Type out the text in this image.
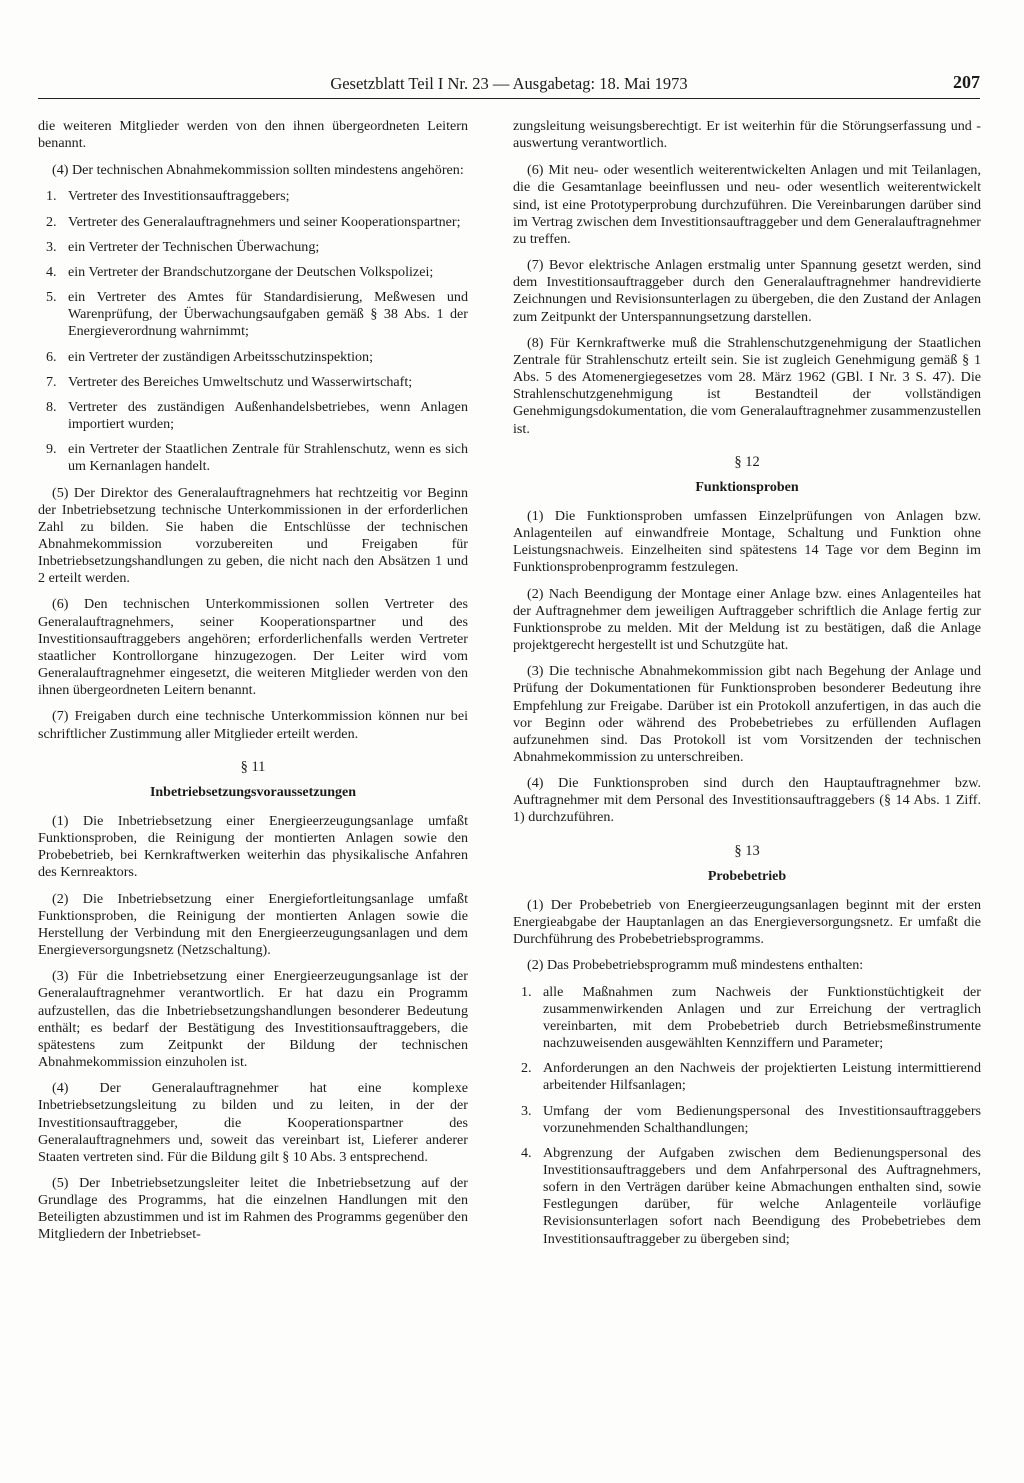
Gesetzblatt Teil I Nr. 23 — Ausgabetag: 18. Mai 1973	207

die weiteren Mitglieder werden von den ihnen übergeordneten Leitern benannt.

(4) Der technischen Abnahmekommission sollten mindestens angehören:

1. Vertreter des Investitionsauftraggebers;
2. Vertreter des Generalauftragnehmers und seiner Kooperationspartner;
3. ein Vertreter der Technischen Überwachung;
4. ein Vertreter der Brandschutzorgane der Deutschen Volkspolizei;
5. ein Vertreter des Amtes für Standardisierung, Meßwesen und Warenprüfung, der Überwachungsaufgaben gemäß § 38 Abs. 1 der Energieverordnung wahrnimmt;
6. ein Vertreter der zuständigen Arbeitsschutzinspektion;
7. Vertreter des Bereiches Umweltschutz und Wasserwirtschaft;
8. Vertreter des zuständigen Außenhandelsbetriebes, wenn Anlagen importiert wurden;
9. ein Vertreter der Staatlichen Zentrale für Strahlenschutz, wenn es sich um Kernanlagen handelt.

(5) Der Direktor des Generalauftragnehmers hat rechtzeitig vor Beginn der Inbetriebsetzung technische Unterkommissionen in der erforderlichen Zahl zu bilden. Sie haben die Entschlüsse der technischen Abnahmekommission vorzubereiten und Freigaben für Inbetriebsetzungshandlungen zu geben, die nicht nach den Absätzen 1 und 2 erteilt werden.

(6) Den technischen Unterkommissionen sollen Vertreter des Generalauftragnehmers, seiner Kooperationspartner und des Investitionsauftraggebers angehören; erforderlichenfalls werden Vertreter staatlicher Kontrollorgane hinzugezogen. Der Leiter wird vom Generalauftragnehmer eingesetzt, die weiteren Mitglieder werden von den ihnen übergeordneten Leitern benannt.

(7) Freigaben durch eine technische Unterkommission können nur bei schriftlicher Zustimmung aller Mitglieder erteilt werden.

§ 11

Inbetriebsetzungsvoraussetzungen

(1) Die Inbetriebsetzung einer Energieerzeugungsanlage umfaßt Funktionsproben, die Reinigung der montierten Anlagen sowie den Probebetrieb, bei Kernkraftwerken weiterhin das physikalische Anfahren des Kernreaktors.

(2) Die Inbetriebsetzung einer Energiefortleitungsanlage umfaßt Funktionsproben, die Reinigung der montierten Anlagen sowie die Herstellung der Verbindung mit den Energieerzeugungsanlagen und dem Energieversorgungsnetz (Netzschaltung).

(3) Für die Inbetriebsetzung einer Energieerzeugungsanlage ist der Generalauftragnehmer verantwortlich. Er hat dazu ein Programm aufzustellen, das die Inbetriebsetzungshandlungen besonderer Bedeutung enthält; es bedarf der Bestätigung des Investitionsauftraggebers, die spätestens zum Zeitpunkt der Bildung der technischen Abnahmekommission einzuholen ist.

(4) Der Generalauftragnehmer hat eine komplexe Inbetriebsetzungsleitung zu bilden und zu leiten, in der der Investitionsauftraggeber, die Kooperationspartner des Generalauftragnehmers und, soweit das vereinbart ist, Lieferer anderer Staaten vertreten sind. Für die Bildung gilt § 10 Abs. 3 entsprechend.

(5) Der Inbetriebsetzungsleiter leitet die Inbetriebsetzung auf der Grundlage des Programms, hat die einzelnen Handlungen mit den Beteiligten abzustimmen und ist im Rahmen des Programms gegenüber den Mitgliedern der Inbetriebset-

zungsleitung weisungsberechtigt. Er ist weiterhin für die Störungserfassung und -auswertung verantwortlich.

(6) Mit neu- oder wesentlich weiterentwickelten Anlagen und mit Teilanlagen, die die Gesamtanlage beeinflussen und neu- oder wesentlich weiterentwickelt sind, ist eine Prototyperprobung durchzuführen. Die Vereinbarungen darüber sind im Vertrag zwischen dem Investitionsauftraggeber und dem Generalauftragnehmer zu treffen.

(7) Bevor elektrische Anlagen erstmalig unter Spannung gesetzt werden, sind dem Investitionsauftraggeber durch den Generalauftragnehmer handrevidierte Zeichnungen und Revisionsunterlagen zu übergeben, die den Zustand der Anlagen zum Zeitpunkt der Unterspannungsetzung darstellen.

(8) Für Kernkraftwerke muß die Strahlenschutzgenehmigung der Staatlichen Zentrale für Strahlenschutz erteilt sein. Sie ist zugleich Genehmigung gemäß § 1 Abs. 5 des Atomenergiegesetzes vom 28. März 1962 (GBl. I Nr. 3 S. 47). Die Strahlenschutzgenehmigung ist Bestandteil der vollständigen Genehmigungsdokumentation, die vom Generalauftragnehmer zusammenzustellen ist.

§ 12

Funktionsproben

(1) Die Funktionsproben umfassen Einzelprüfungen von Anlagen bzw. Anlagenteilen auf einwandfreie Montage, Schaltung und Funktion ohne Leistungsnachweis. Einzelheiten sind spätestens 14 Tage vor dem Beginn im Funktionsprobenprogramm festzulegen.

(2) Nach Beendigung der Montage einer Anlage bzw. eines Anlagenteiles hat der Auftragnehmer dem jeweiligen Auftraggeber schriftlich die Anlage fertig zur Funktionsprobe zu melden. Mit der Meldung ist zu bestätigen, daß die Anlage projektgerecht hergestellt ist und Schutzgüte hat.

(3) Die technische Abnahmekommission gibt nach Begehung der Anlage und Prüfung der Dokumentationen für Funktionsproben besonderer Bedeutung ihre Empfehlung zur Freigabe. Darüber ist ein Protokoll anzufertigen, in das auch die vor Beginn oder während des Probebetriebes zu erfüllenden Auflagen aufzunehmen sind. Das Protokoll ist vom Vorsitzenden der technischen Abnahmekommission zu unterschreiben.

(4) Die Funktionsproben sind durch den Hauptauftragnehmer bzw. Auftragnehmer mit dem Personal des Investitionsauftraggebers (§ 14 Abs. 1 Ziff. 1) durchzuführen.

§ 13

Probebetrieb

(1) Der Probebetrieb von Energieerzeugungsanlagen beginnt mit der ersten Energieabgabe der Hauptanlagen an das Energieversorgungsnetz. Er umfaßt die Durchführung des Probebetriebsprogramms.

(2) Das Probebetriebsprogramm muß mindestens enthalten:

1. alle Maßnahmen zum Nachweis der Funktionstüchtigkeit der zusammenwirkenden Anlagen und zur Erreichung der vertraglich vereinbarten, mit dem Probebetrieb durch Betriebsmeßinstrumente nachzuweisenden ausgewählten Kennziffern und Parameter;
2. Anforderungen an den Nachweis der projektierten Leistung intermittierend arbeitender Hilfsanlagen;
3. Umfang der vom Bedienungspersonal des Investitionsauftraggebers vorzunehmenden Schalthandlungen;
4. Abgrenzung der Aufgaben zwischen dem Bedienungspersonal des Investitionsauftraggebers und dem Anfahrpersonal des Auftragnehmers, sofern in den Verträgen darüber keine Abmachungen enthalten sind, sowie Festlegungen darüber, für welche Anlagenteile vorläufige Revisionsunterlagen sofort nach Beendigung des Probebetriebes dem Investitionsauftraggeber zu übergeben sind;
